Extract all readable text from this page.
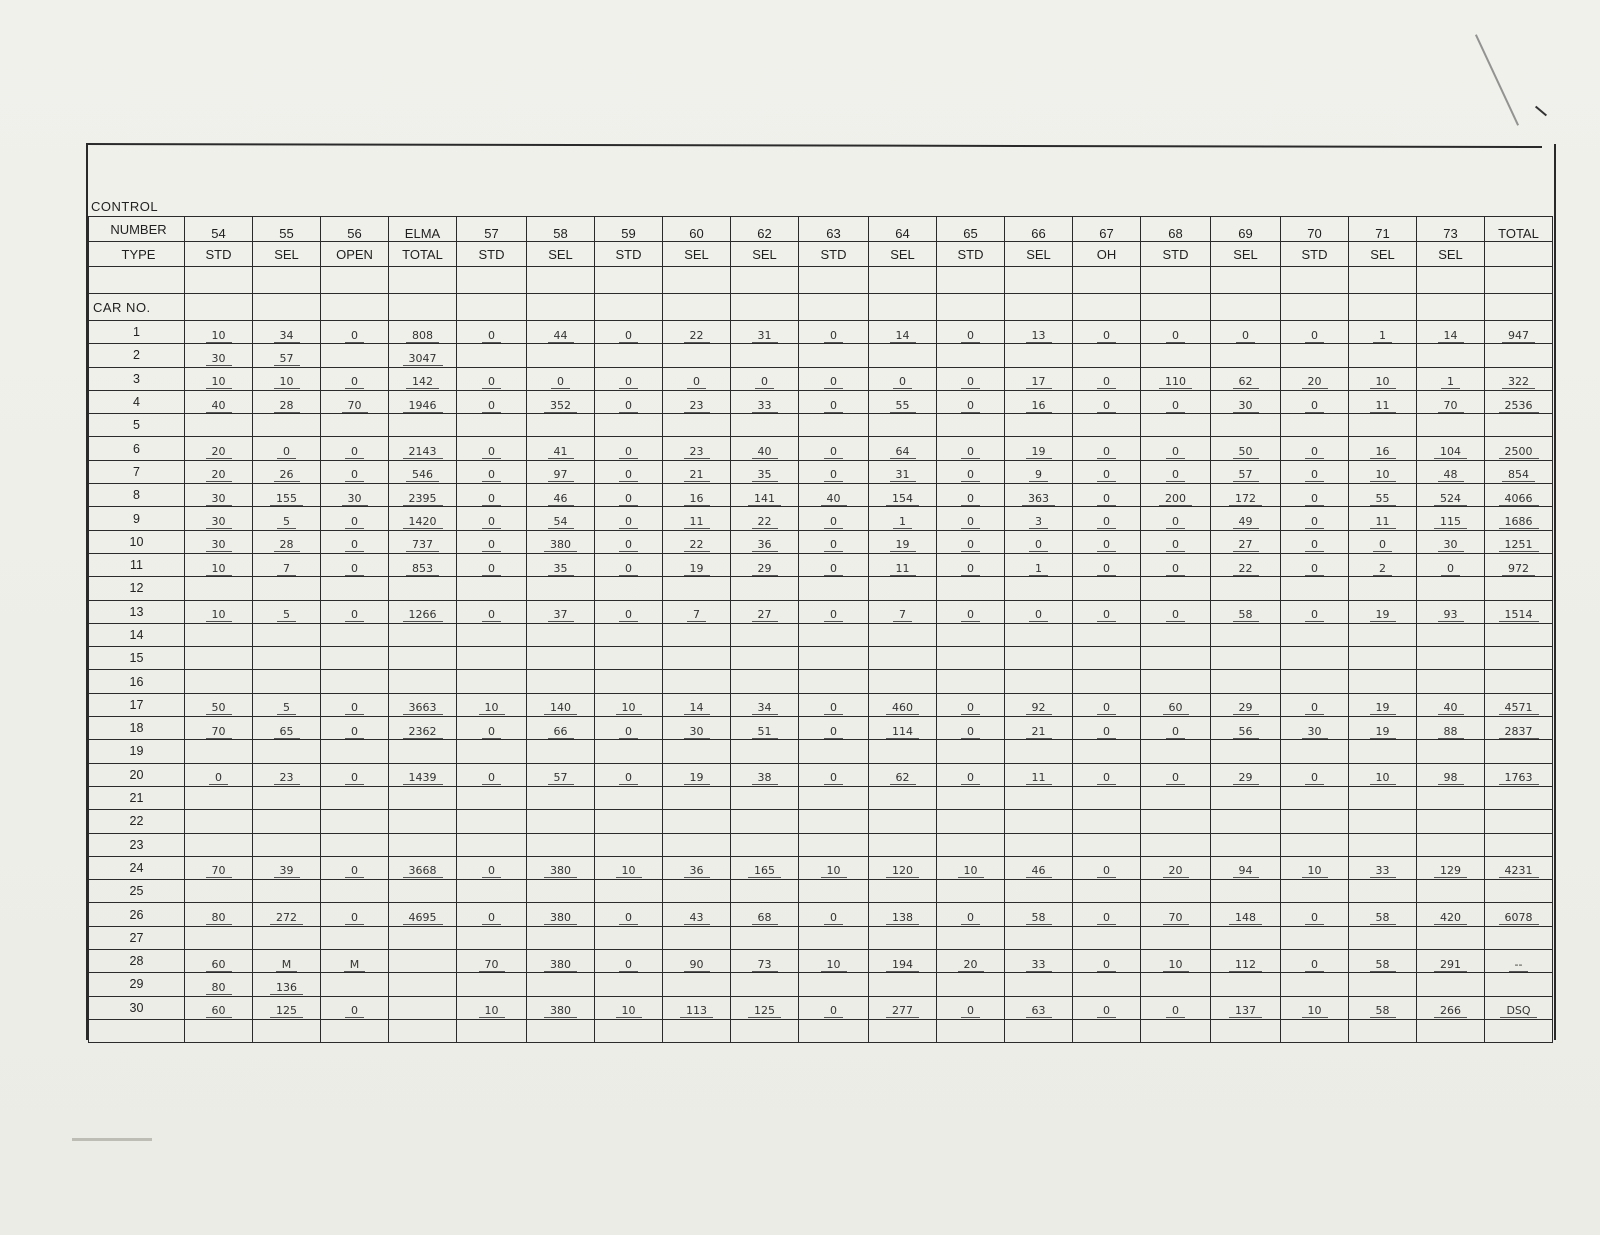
CONTROL
NUMBER	54	55	56	ELMA	57	58	59	60	62	63	64	65	66	67	68	69	70	71	73	TOTAL
TYPE	STD	SEL	OPEN	TOTAL	STD	SEL	STD	SEL	SEL	STD	SEL	STD	SEL	OH	STD	SEL	STD	SEL	SEL	

CAR NO.																				
1	10	34	0	808	0	44	0	22	31	0	14	0	13	0	0	0	0	1	14	947
2	30	57		3047																
3	10	10	0	142	0	0	0	0	0	0	0	0	17	0	110	62	20	10	1	322
4	40	28	70	1946	0	352	0	23	33	0	55	0	16	0	0	30	0	11	70	2536
5																				
6	20	0	0	2143	0	41	0	23	40	0	64	0	19	0	0	50	0	16	104	2500
7	20	26	0	546	0	97	0	21	35	0	31	0	9	0	0	57	0	10	48	854
8	30	155	30	2395	0	46	0	16	141	40	154	0	363	0	200	172	0	55	524	4066
9	30	5	0	1420	0	54	0	11	22	0	1	0	3	0	0	49	0	11	115	1686
10	30	28	0	737	0	380	0	22	36	0	19	0	0	0	0	27	0	0	30	1251
11	10	7	0	853	0	35	0	19	29	0	11	0	1	0	0	22	0	2	0	972
12																				
13	10	5	0	1266	0	37	0	7	27	0	7	0	0	0	0	58	0	19	93	1514
14																				
15																				
16																				
17	50	5	0	3663	10	140	10	14	34	0	460	0	92	0	60	29	0	19	40	4571
18	70	65	0	2362	0	66	0	30	51	0	114	0	21	0	0	56	30	19	88	2837
19																				
20	0	23	0	1439	0	57	0	19	38	0	62	0	11	0	0	29	0	10	98	1763
21																				
22																				
23																				
24	70	39	0	3668	0	380	10	36	165	10	120	10	46	0	20	94	10	33	129	4231
25																				
26	80	272	0	4695	0	380	0	43	68	0	138	0	58	0	70	148	0	58	420	6078
27																				
28	60	M	M		70	380	0	90	73	10	194	20	33	0	10	112	0	58	291	--
29	80	136																		
30	60	125	0		10	380	10	113	125	0	277	0	63	0	0	137	10	58	266	DSQ
